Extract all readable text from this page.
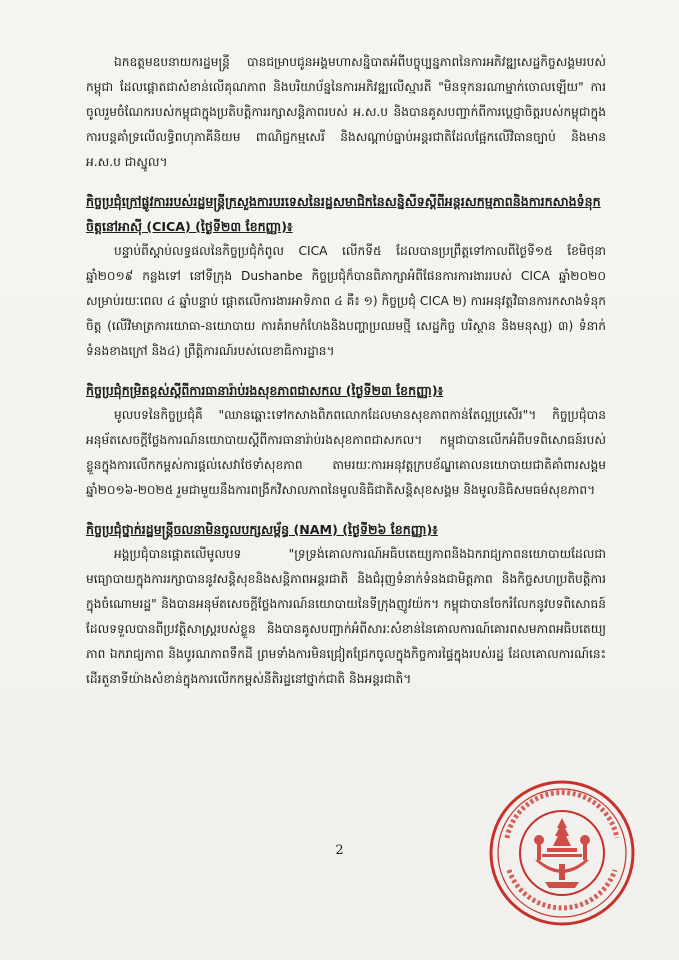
ឯកឧត្តមឧបនាយករដ្ឋមន្ត្រី បានជម្រាបជូនអង្គមហាសន្និបាតអំពីបច្ចុប្បន្នភាពនៃការអភិវឌ្ឍសេដ្ឋកិច្ចសង្គមរបស់កម្ពុជា ដែលផ្តោតជាសំខាន់លើគុណភាព និងបរិយាប័ន្ននៃការអភិវឌ្ឍលើស្មារតី "មិនទុកនរណាម្នាក់ចោលឡើយ" ការចូលរួមចំណែករបស់កម្ពុជាក្នុងប្រតិបត្តិការរក្សាសន្តិភាពរបស់ អ.ស.ប និងបានគូសបញ្ជាក់ពីការប្តេជ្ញាចិត្តរបស់កម្ពុជាក្នុងការបន្តគាំទ្រលើលទ្ធិពហុភាគីនិយម ពាណិជ្ជកម្មសេរី និងសណ្តាប់ធ្នាប់អន្តរជាតិដែលផ្អែកលើវិធានច្បាប់ និងមាន អ.ស.ប ជាស្នូល។

កិច្ចប្រជុំក្រៅផ្លូវការរបស់រដ្ឋមន្ត្រីក្រសួងការបរទេសនៃរដ្ឋសមាជិកនៃសន្និសីទស្តីពីអន្តរសកម្មភាពនិងការកសាងទំនុកចិត្តនៅអាស៊ី (CICA) (ថ្ងៃទី២៣ ខែកញ្ញា)៖

បន្ទាប់ពីស្តាប់លទ្ធផលនៃកិច្ចប្រជុំកំពូល CICA លើកទី៥ ដែលបានប្រព្រឹត្តទៅកាលពីថ្ងៃទី១៥ ខែមិថុនា ឆ្នាំ២០១៩ កន្លងទៅ នៅទីក្រុង Dushanbe កិច្ចប្រជុំក៏បានពិភាក្សាអំពីផែនការការងាររបស់ CICA ឆ្នាំ២០២០ សម្រាប់រយៈពេល ៤ ឆ្នាំបន្ទាប់ ផ្តោតលើការងារអាទិភាព ៤ គឺ៖ ១) កិច្ចប្រជុំ CICA ២) ការអនុវត្តវិធានការកសាងទំនុកចិត្ត (លើវិមាត្រការយោធា-នយោបាយ ការគំរាមកំហែងនិងបញ្ហាប្រឈមថ្មី សេដ្ឋកិច្ច បរិស្ថាន និងមនុស្ស) ៣) ទំនាក់ទំនងខាងក្រៅ និង៤) ព្រឹត្តិការណ៍របស់លេខាធិការដ្ឋាន។

កិច្ចប្រជុំកម្រិតខ្ពស់ស្តីពីការធានារ៉ាប់រងសុខភាពជាសកល (ថ្ងៃទី២៣ ខែកញ្ញា)៖

មូលបទនៃកិច្ចប្រជុំគឺ "ឈានឆ្ពោះទៅកសាងពិភពលោកដែលមានសុខភាពកាន់តែល្អប្រសើរ"។ កិច្ចប្រជុំបានអនុម័តសេចក្តីថ្លែងការណ៍នយោបាយស្តីពីការធានារ៉ាប់រងសុខភាពជាសកល។ កម្ពុជាបានលើកអំពីបទពិសោធន៍របស់ខ្លួនក្នុងការលើកកម្ពស់ការផ្តល់សេវាថែទាំសុខភាព តាមរយៈការអនុវត្តក្របខ័ណ្ឌគោលនយោបាយជាតិគាំពារសង្គម ឆ្នាំ២០១៦-២០២៥ រួមជាមួយនឹងការពង្រីកវិសាលភាពនៃមូលនិធិជាតិសន្តិសុខសង្គម និងមូលនិធិសមធម៌សុខភាព។

កិច្ចប្រជុំថ្នាក់រដ្ឋមន្ត្រីចលនាមិនចូលបក្សសម្ព័ន្ធ (NAM) (ថ្ងៃទី២៦ ខែកញ្ញា)៖

អង្គប្រជុំបានផ្តោតលើមូលបទ "ទ្រទ្រង់គោលការណ៍អធិបតេយ្យភាពនិងឯករាជ្យភាពនយោបាយដែលជាមធ្យោបាយក្នុងការរក្សាបាននូវសន្តិសុខនិងសន្តិភាពអន្តរជាតិ និងជំរុញទំនាក់ទំនងជាមិត្តភាព និងកិច្ចសហប្រតិបត្តិការក្នុងចំណោមរដ្ឋ" និងបានអនុម័តសេចក្តីថ្លែងការណ៍នយោបាយនៃទីក្រុងញូវយ៉ក។ កម្ពុជាបានចែករំលែកនូវបទពិសោធន៍ដែលទទួលបានពីប្រវត្តិសាស្ត្ររបស់ខ្លួន និងបានគូសបញ្ជាក់អំពីសារៈសំខាន់នៃគោលការណ៍គោរពសមភាពអធិបតេយ្យភាព ឯករាជ្យភាព និងបូរណភាពទឹកដី ព្រមទាំងការមិនជ្រៀតជ្រែកចូលក្នុងកិច្ចការផ្ទៃក្នុងរបស់រដ្ឋ ដែលគោលការណ៍នេះដើរតួនាទីយ៉ាងសំខាន់ក្នុងការលើកកម្ពស់នីតិរដ្ឋនៅថ្នាក់ជាតិ និងអន្តរជាតិ។

2
